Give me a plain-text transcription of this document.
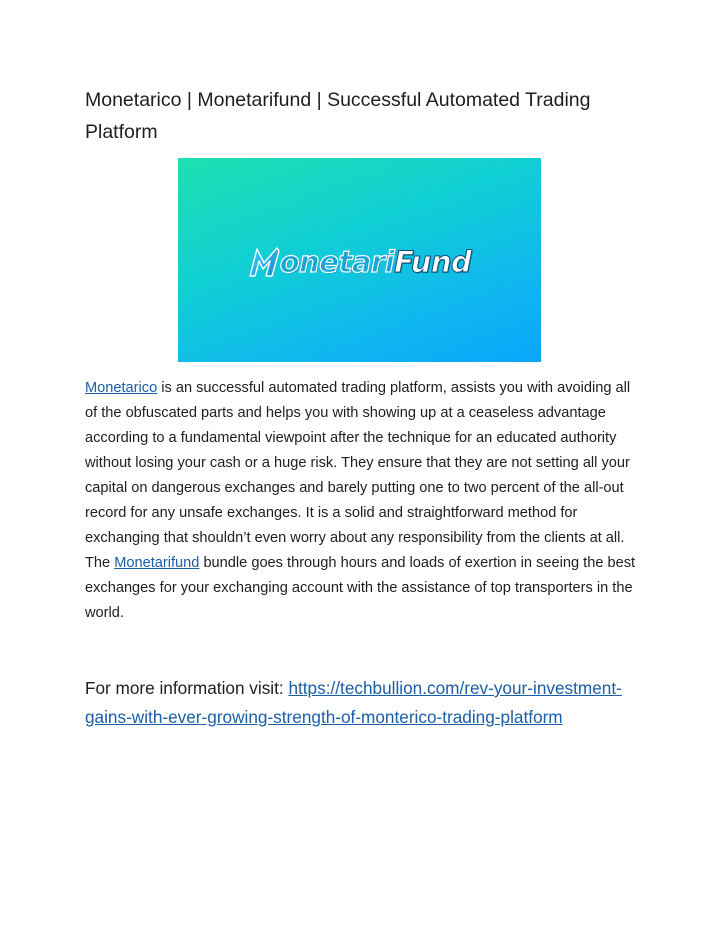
Monetarico | Monetarifund | Successful Automated Trading Platform
onetari Fund

Monetarico is an successful automated trading platform, assists you with avoiding all of the obfuscated parts and helps you with showing up at a ceaseless advantage according to a fundamental viewpoint after the technique for an educated authority without losing your cash or a huge risk. They ensure that they are not setting all your capital on dangerous exchanges and barely putting one to two percent of the all-out record for any unsafe exchanges. It is a solid and straightforward method for exchanging that shouldn’t even worry about any responsibility from the clients at all. The Monetarifund bundle goes through hours and loads of exertion in seeing the best exchanges for your exchanging account with the assistance of top transporters in the world.

For more information visit: https://techbullion.com/rev-your-investment-gains-with-ever-growing-strength-of-monterico-trading-platform
